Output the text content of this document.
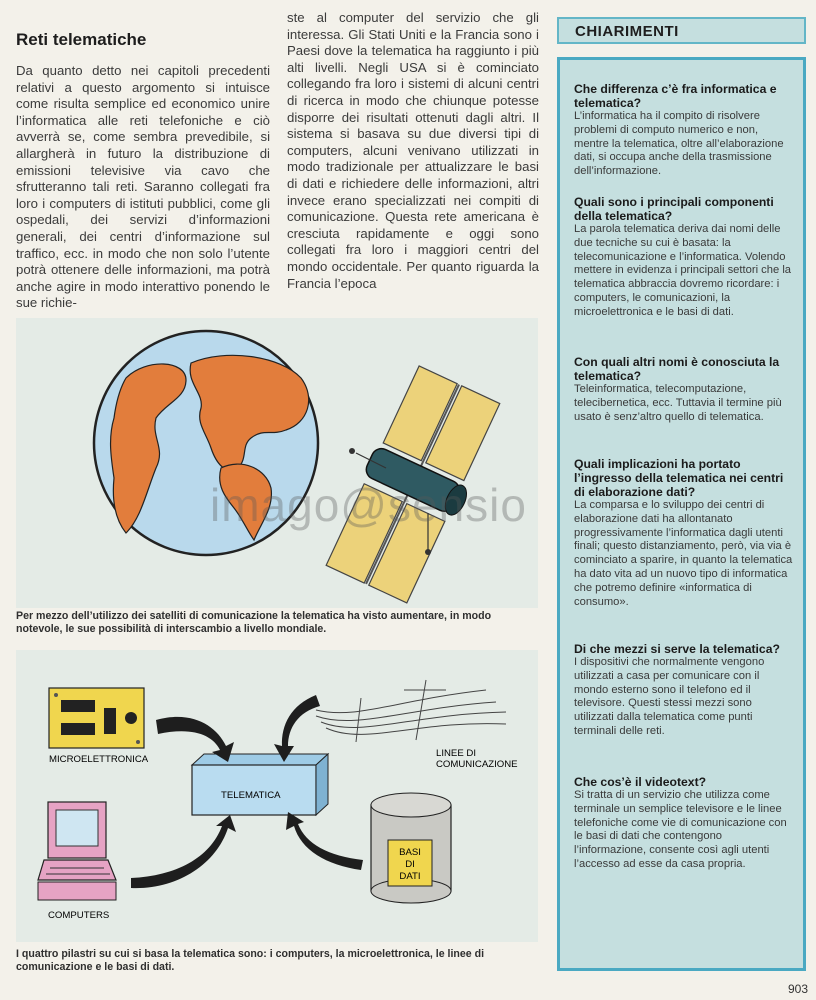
Reti telematiche
Da quanto detto nei capitoli precedenti relativi a questo argomento si intuisce come risulta semplice ed economico unire l’informatica alle reti telefoniche e ciò avverrà se, come sembra prevedibile, si allargherà in futuro la distribuzione di emissioni televisive via cavo che sfrutteranno tali reti. Saranno collegati fra loro i computers di istituti pubblici, come gli ospedali, dei servizi d’informazioni generali, dei centri d’informazione sul traffico, ecc. in modo che non solo l’utente potrà ottenere delle informazioni, ma potrà anche agire in modo interattivo ponendo le sue richie-
ste al computer del servizio che gli interessa. Gli Stati Uniti e la Francia sono i Paesi dove la telematica ha raggiunto i più alti livelli. Negli USA si è cominciato collegando fra loro i sistemi di alcuni centri di ricerca in modo che chiunque potesse disporre dei risultati ottenuti dagli altri. Il sistema si basava su due diversi tipi di computers, alcuni venivano utilizzati in modo tradizionale per attualizzare le basi di dati e richiedere delle informazioni, altri invece erano specializzati nei compiti di comunicazione. Questa rete americana è cresciuta rapidamente e oggi sono collegati fra loro i maggiori centri del mondo occidentale. Per quanto riguarda la Francia l’epoca
Per mezzo dell’utilizzo dei satelliti di comunicazione la telematica ha visto aumentare, in modo notevole, le sue possibilità di interscambio a livello mondiale.
MICROELETTRONICA
LINEE DI
COMUNICAZIONE
TELEMATICA
COMPUTERS
BASI
DI
DATI
I quattro pilastri su cui si basa la telematica sono: i computers, la microelettronica, le linee di comunicazione e le basi di dati.
imago@sensio
CHIARIMENTI
Che differenza c’è fra informatica e telematica?
L’informatica ha il compito di risolvere problemi di computo numerico e non, mentre la telematica, oltre all’elaborazione dati, si occupa anche della trasmissione dell’informazione.
Quali sono i principali componenti della telematica?
La parola telematica deriva dai nomi delle due tecniche su cui è basata: la telecomunicazione e l’informatica. Volendo mettere in evidenza i principali settori che la telematica abbraccia dovremo ricordare: i computers, le comunicazioni, la microelettronica e le basi di dati.
Con quali altri nomi è conosciuta la telematica?
Teleinformatica, telecomputazione, telecibernetica, ecc. Tuttavia il termine più usato è senz’altro quello di telematica.
Quali implicazioni ha portato l’ingresso della telematica nei centri di elaborazione dati?
La comparsa e lo sviluppo dei centri di elaborazione dati ha allontanato progressivamente l’informatica dagli utenti finali; questo distanziamento, però, via via è cominciato a sparire, in quanto la telematica ha dato vita ad un nuovo tipo di informatica che potremo definire «informatica di consumo».
Di che mezzi si serve la telematica?
I dispositivi che normalmente vengono utilizzati a casa per comunicare con il mondo esterno sono il telefono ed il televisore. Questi stessi mezzi sono utilizzati dalla telematica come punti terminali delle reti.
Che cos’è il videotext?
Si tratta di un servizio che utilizza come terminale un semplice televisore e le linee telefoniche come vie di comunicazione con le basi di dati che contengono l’informazione, consente così agli utenti l’accesso ad esse da casa propria.
903
